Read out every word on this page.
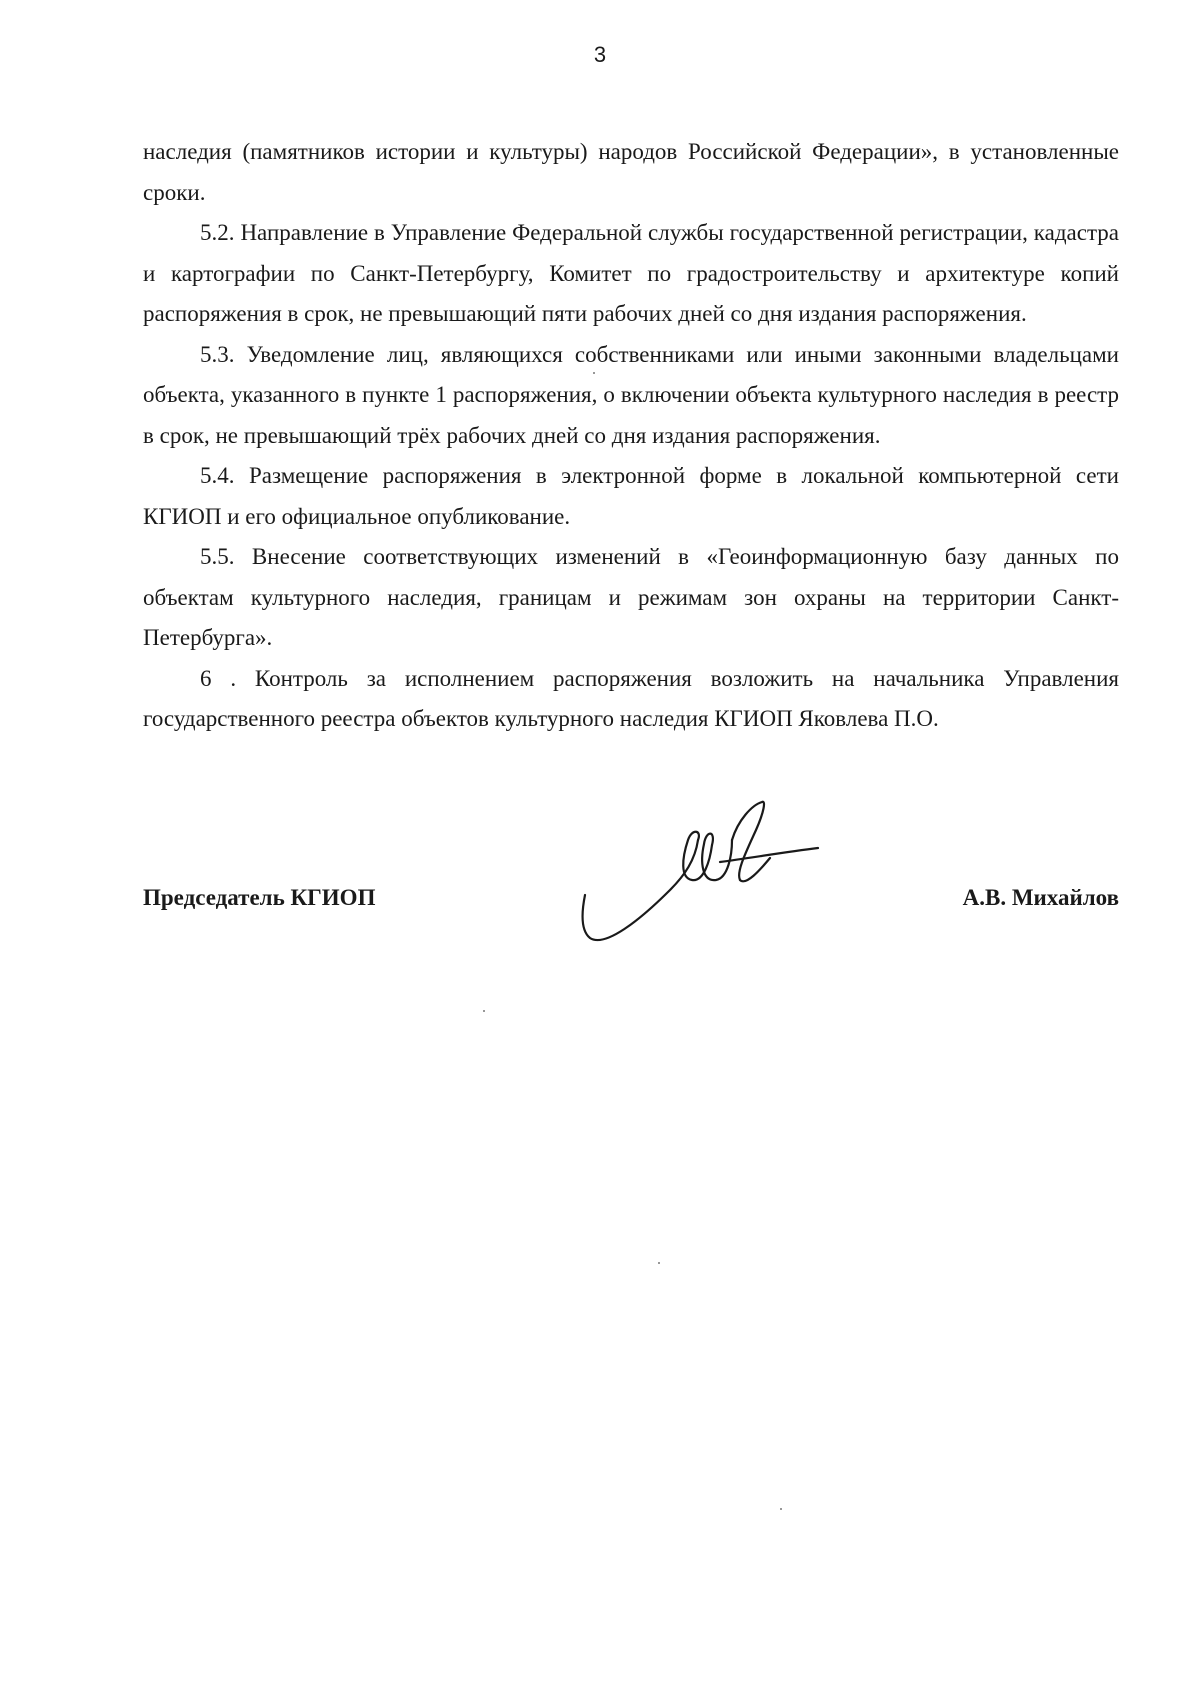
3

наследия (памятников истории и культуры) народов Российской Федерации», в установленные сроки.

5.2. Направление в Управление Федеральной службы государственной регистрации, кадастра и картографии по Санкт-Петербургу, Комитет по градостроительству и архитектуре копий распоряжения в срок, не превышающий пяти рабочих дней со дня издания распоряжения.

5.3. Уведомление лиц, являющихся собственниками или иными законными владельцами объекта, указанного в пункте 1 распоряжения, о включении объекта культурного наследия в реестр в срок, не превышающий трёх рабочих дней со дня издания распоряжения.

5.4. Размещение распоряжения в электронной форме в локальной компьютерной сети КГИОП и его официальное опубликование.

5.5. Внесение соответствующих изменений в «Геоинформационную базу данных по объектам культурного наследия, границам и режимам зон охраны на территории Санкт-Петербурга».

6 . Контроль за исполнением распоряжения возложить на начальника Управления государственного реестра объектов культурного наследия КГИОП Яковлева П.О.

Председатель КГИОП	А.В. Михайлов
